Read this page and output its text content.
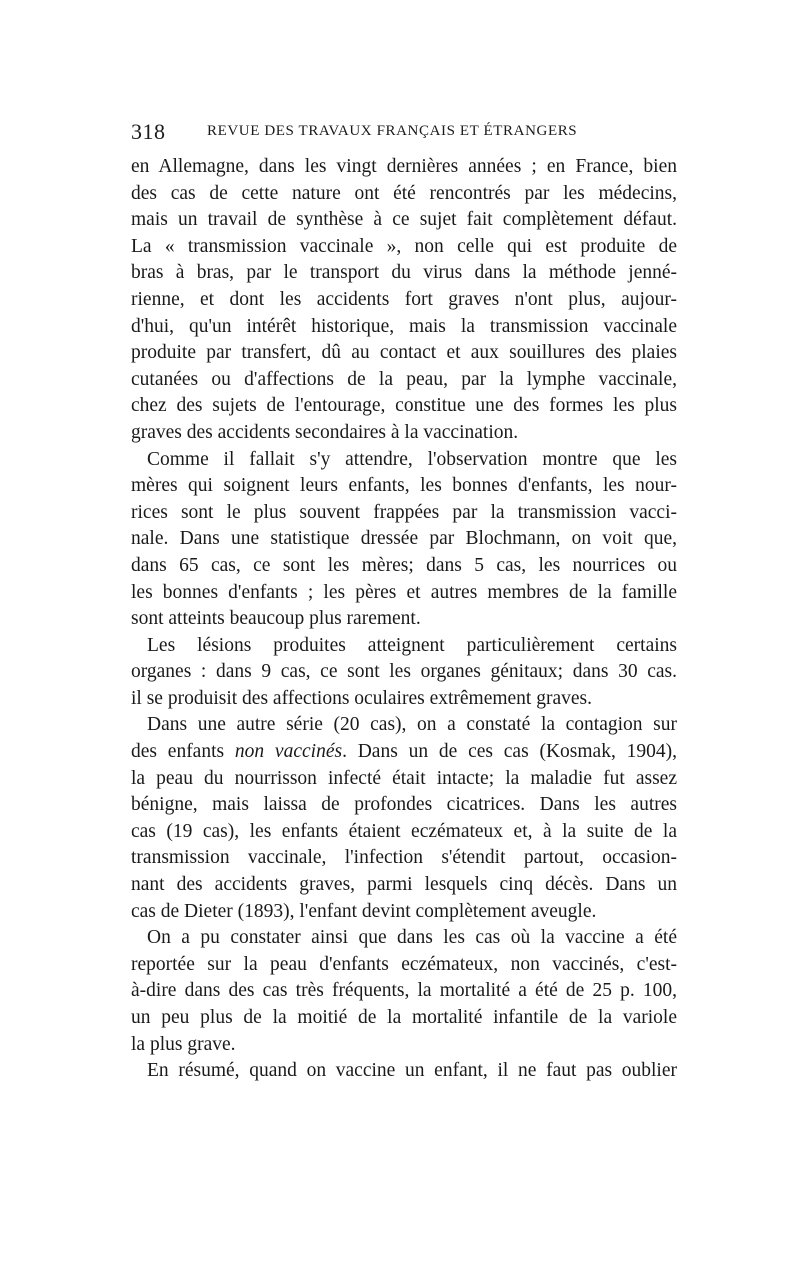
318	REVUE DES TRAVAUX FRANÇAIS ET ÉTRANGERS
en Allemagne, dans les vingt dernières années ; en France, bien
des cas de cette nature ont été rencontrés par les médecins,
mais un travail de synthèse à ce sujet fait complètement défaut.
La « transmission vaccinale », non celle qui est produite de
bras à bras, par le transport du virus dans la méthode jenné-
rienne, et dont les accidents fort graves n'ont plus, aujour-
d'hui, qu'un intérêt historique, mais la transmission vaccinale
produite par transfert, dû au contact et aux souillures des plaies
cutanées ou d'affections de la peau, par la lymphe vaccinale,
chez des sujets de l'entourage, constitue une des formes les plus
graves des accidents secondaires à la vaccination.
Comme il fallait s'y attendre, l'observation montre que les
mères qui soignent leurs enfants, les bonnes d'enfants, les nour-
rices sont le plus souvent frappées par la transmission vacci-
nale. Dans une statistique dressée par Blochmann, on voit que,
dans 65 cas, ce sont les mères; dans 5 cas, les nourrices ou
les bonnes d'enfants ; les pères et autres membres de la famille
sont atteints beaucoup plus rarement.
Les lésions produites atteignent particulièrement certains
organes : dans 9 cas, ce sont les organes génitaux; dans 30 cas.
il se produisit des affections oculaires extrêmement graves.
Dans une autre série (20 cas), on a constaté la contagion sur
des enfants non vaccinés. Dans un de ces cas (Kosmak, 1904),
la peau du nourrisson infecté était intacte; la maladie fut assez
bénigne, mais laissa de profondes cicatrices. Dans les autres
cas (19 cas), les enfants étaient eczémateux et, à la suite de la
transmission vaccinale, l'infection s'étendit partout, occasion-
nant des accidents graves, parmi lesquels cinq décès. Dans un
cas de Dieter (1893), l'enfant devint complètement aveugle.
On a pu constater ainsi que dans les cas où la vaccine a été
reportée sur la peau d'enfants eczémateux, non vaccinés, c'est-
à-dire dans des cas très fréquents, la mortalité a été de 25 p. 100,
un peu plus de la moitié de la mortalité infantile de la variole
la plus grave.
En résumé, quand on vaccine un enfant, il ne faut pas oublier
